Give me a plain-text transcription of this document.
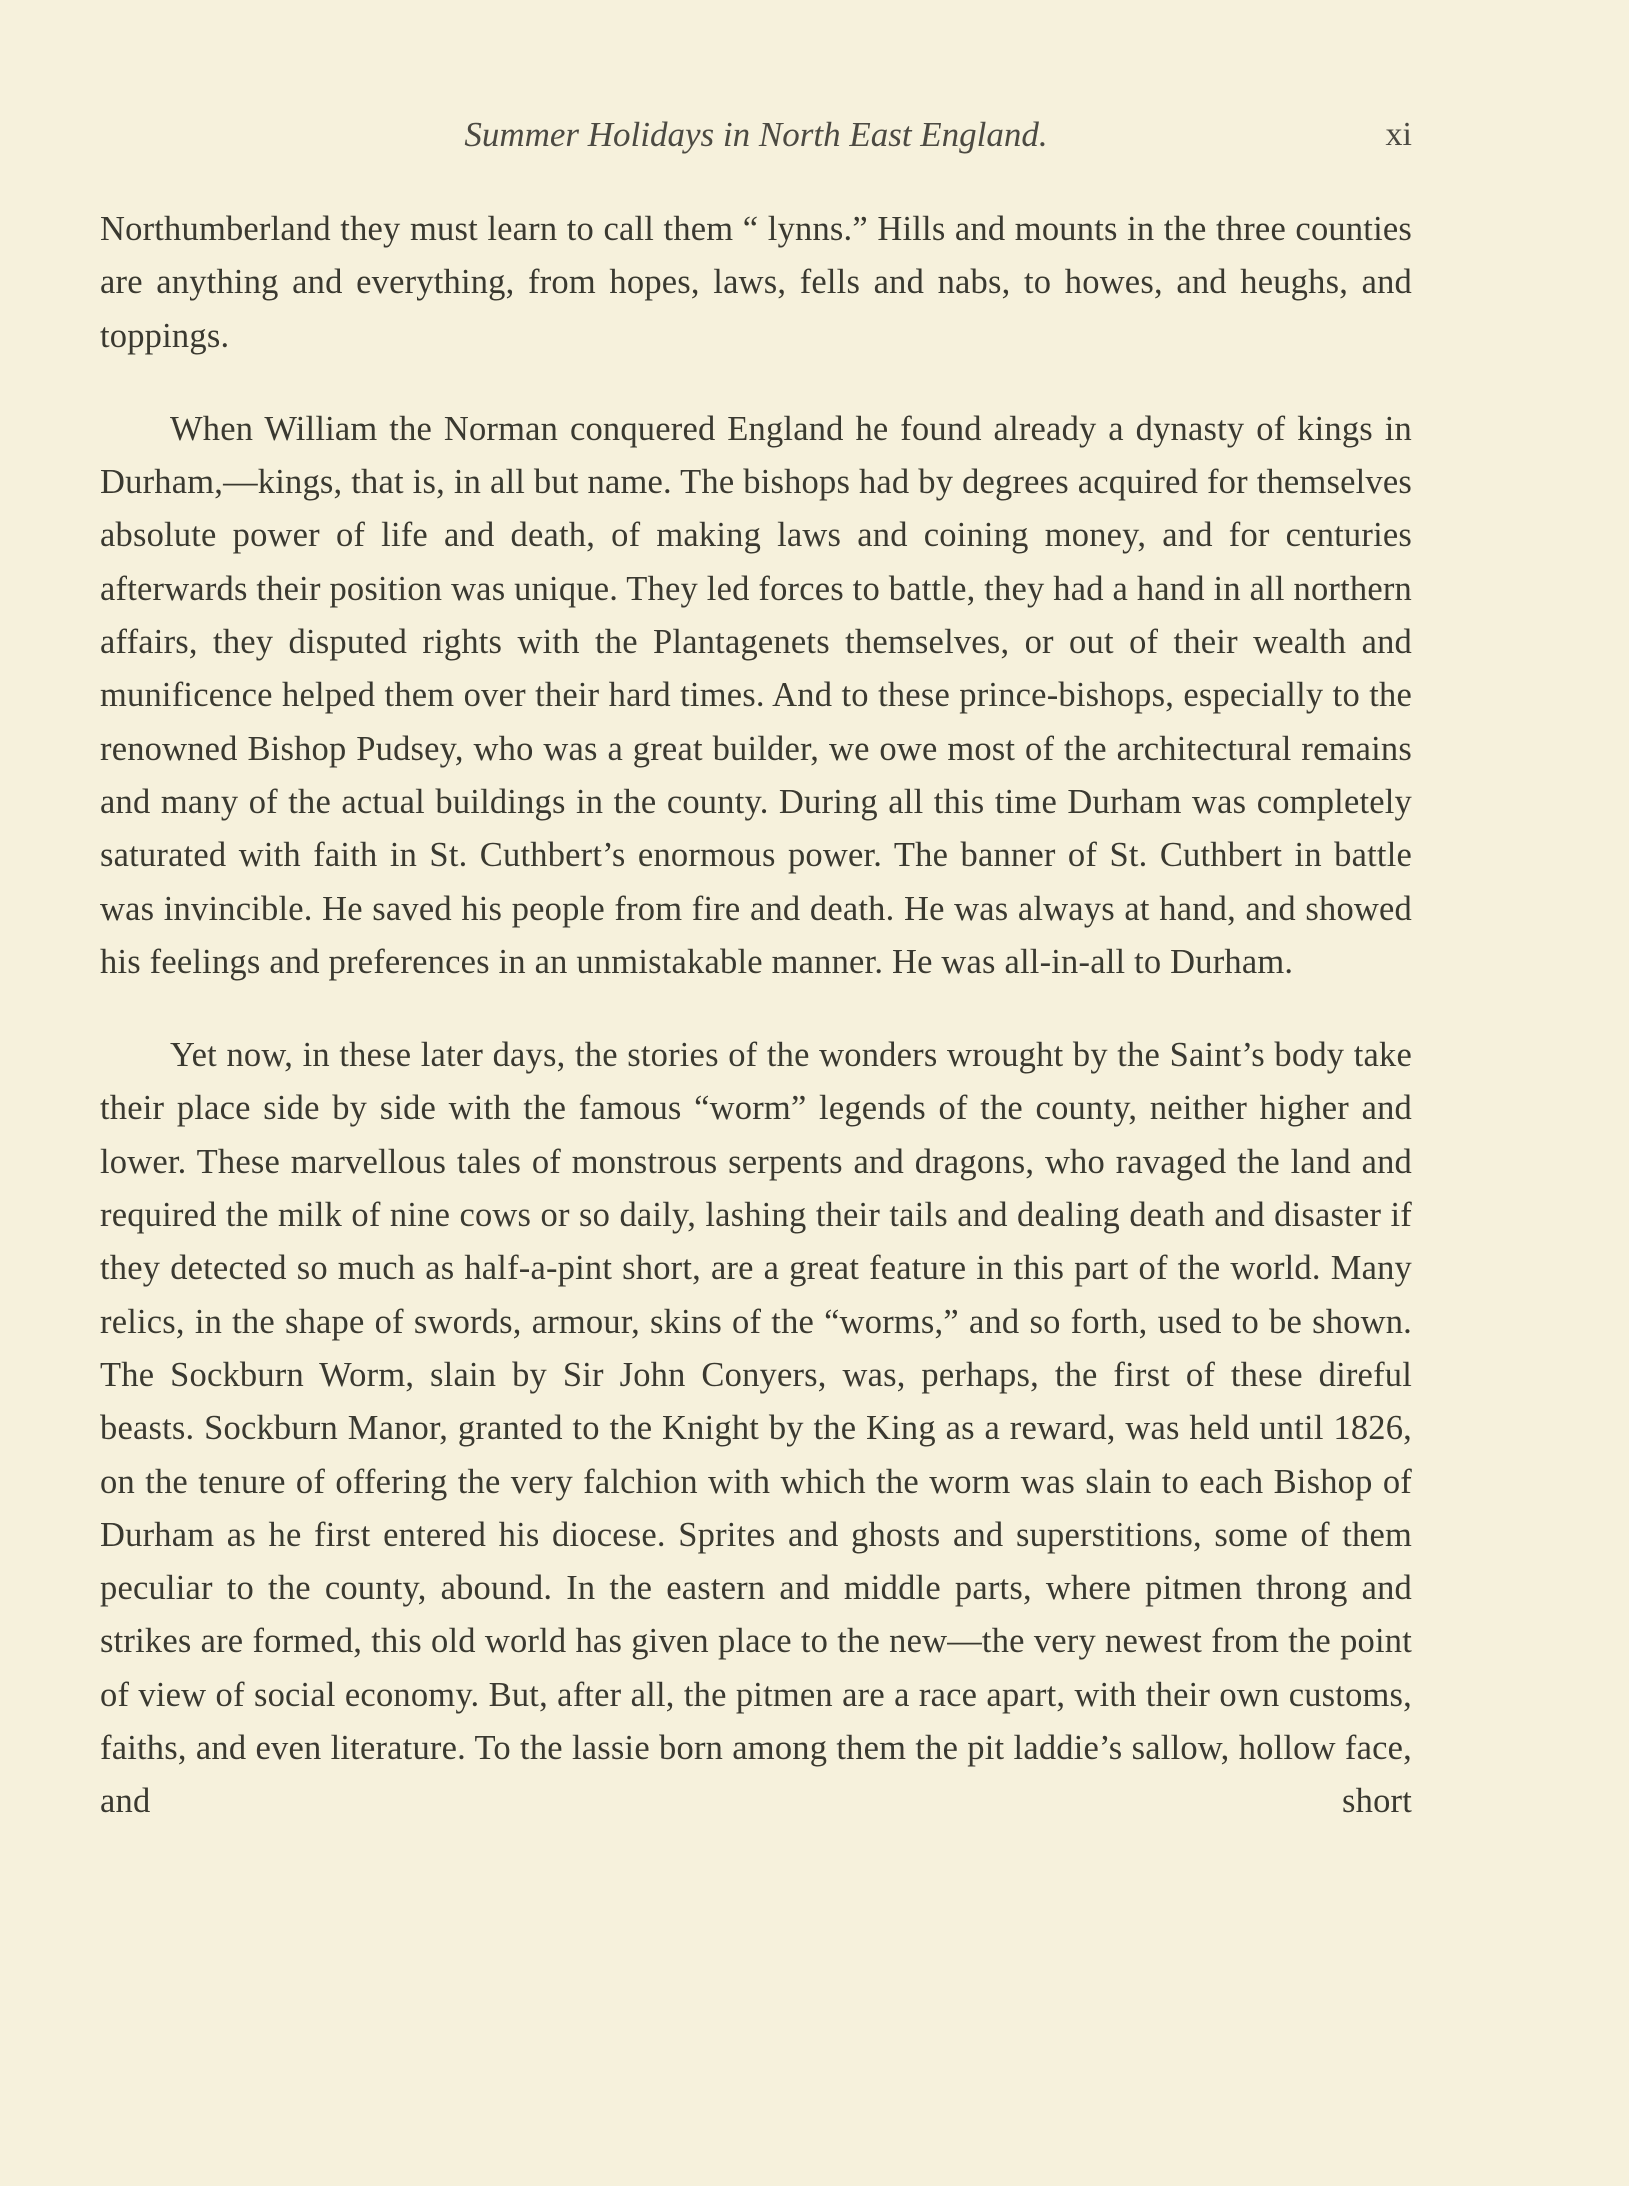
Summer Holidays in North East England.	xi

Northumberland they must learn to call them “ lynns.” Hills and mounts in the three counties are anything and everything, from hopes, laws, fells and nabs, to howes, and heughs, and toppings.

When William the Norman conquered England he found already a dynasty of kings in Durham,—kings, that is, in all but name. The bishops had by degrees acquired for themselves absolute power of life and death, of making laws and coining money, and for centuries afterwards their position was unique. They led forces to battle, they had a hand in all northern affairs, they disputed rights with the Plantagenets themselves, or out of their wealth and munificence helped them over their hard times. And to these prince-bishops, especially to the renowned Bishop Pudsey, who was a great builder, we owe most of the architectural remains and many of the actual buildings in the county. During all this time Durham was completely saturated with faith in St. Cuthbert’s enormous power. The banner of St. Cuthbert in battle was invincible. He saved his people from fire and death. He was always at hand, and showed his feelings and preferences in an unmistakable manner. He was all-in-all to Durham.

Yet now, in these later days, the stories of the wonders wrought by the Saint’s body take their place side by side with the famous “worm” legends of the county, neither higher and lower. These marvellous tales of monstrous serpents and dragons, who ravaged the land and required the milk of nine cows or so daily, lashing their tails and dealing death and disaster if they detected so much as half-a-pint short, are a great feature in this part of the world. Many relics, in the shape of swords, armour, skins of the “worms,” and so forth, used to be shown. The Sockburn Worm, slain by Sir John Conyers, was, perhaps, the first of these direful beasts. Sockburn Manor, granted to the Knight by the King as a reward, was held until 1826, on the tenure of offering the very falchion with which the worm was slain to each Bishop of Durham as he first entered his diocese. Sprites and ghosts and superstitions, some of them peculiar to the county, abound. In the eastern and middle parts, where pitmen throng and strikes are formed, this old world has given place to the new—the very newest from the point of view of social economy. But, after all, the pitmen are a race apart, with their own customs, faiths, and even literature. To the lassie born among them the pit laddie’s sallow, hollow face, and short
